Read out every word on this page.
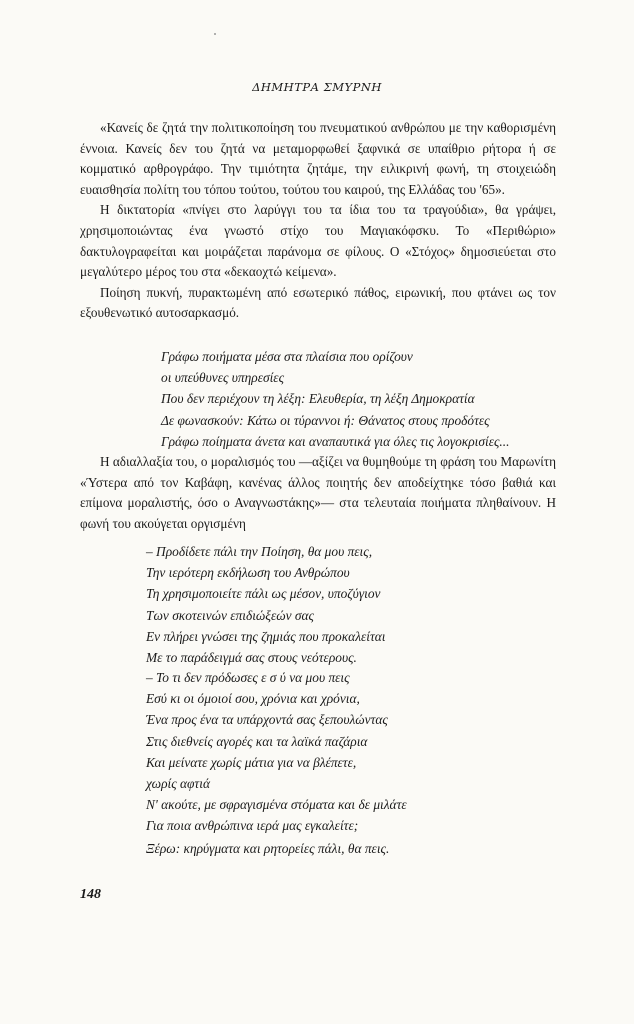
ΔΗΜΗΤΡΑ ΣΜΥΡΝΗ

«Κανείς δε ζητά την πολιτικοποίηση του πνευματικού ανθρώπου με την καθορισμένη έννοια. Κανείς δεν του ζητά να μεταμορφωθεί ξαφνικά σε υπαίθριο ρήτορα ή σε κομματικό αρθρογράφο. Την τιμιότητα ζητάμε, την ειλικρινή φωνή, τη στοιχειώδη ευαισθησία πολίτη του τόπου τούτου, τούτου του καιρού, της Ελλάδας του '65».

Η δικτατορία «πνίγει στο λαρύγγι του τα ίδια του τα τραγούδια», θα γράψει, χρησιμοποιώντας ένα γνωστό στίχο του Μαγιακόφσκυ. Το «Περιθώριο» δακτυλογραφείται και μοιράζεται παράνομα σε φίλους. Ο «Στόχος» δημοσιεύεται στο μεγαλύτερο μέρος του στα «δεκαοχτώ κείμενα».

Ποίηση πυκνή, πυρακτωμένη από εσωτερικό πάθος, ειρωνική, που φτάνει ως τον εξουθενωτικό αυτοσαρκασμό.

Γράφω ποιήματα μέσα στα πλαίσια που ορίζουν
οι υπεύθυνες υπηρεσίες
Που δεν περιέχουν τη λέξη: Ελευθερία, τη λέξη Δημοκρατία
Δε φωνασκούν: Κάτω οι τύραννοι ή: Θάνατος στους προδότες
Γράφω ποίηματα άνετα και αναπαυτικά για όλες τις λογοκρισίες...

Η αδιαλλαξία του, ο μοραλισμός του —αξίζει να θυμηθούμε τη φράση του Μαρωνίτη «Ύστερα από τον Καβάφη, κανένας άλλος ποιητής δεν αποδείχτηκε τόσο βαθιά και επίμονα μοραλιστής, όσο ο Αναγνωστάκης»— στα τελευταία ποιήματα πληθαίνουν. Η φωνή του ακούγεται οργισμένη

– Προδίδετε πάλι την Ποίηση, θα μου πεις,
Την ιερότερη εκδήλωση του Ανθρώπου
Τη χρησιμοποιείτε πάλι ως μέσον, υποζύγιον
Των σκοτεινών επιδιώξεών σας
Εν πλήρει γνώσει της ζημιάς που προκαλείται
Με το παράδειγμά σας στους νεότερους.
– Το τι δεν πρόδωσες ε σ ύ να μου πεις
Εσύ κι οι όμοιοί σου, χρόνια και χρόνια,
Ένα προς ένα τα υπάρχοντά σας ξεπουλώντας
Στις διεθνείς αγορές και τα λαϊκά παζάρια
Και μείνατε χωρίς μάτια για να βλέπετε,
χωρίς αφτιά
Ν' ακούτε, με σφραγισμένα στόματα και δε μιλάτε
Για ποια ανθρώπινα ιερά μας εγκαλείτε;
Ξέρω: κηρύγματα και ρητορείες πάλι, θα πεις.
148
